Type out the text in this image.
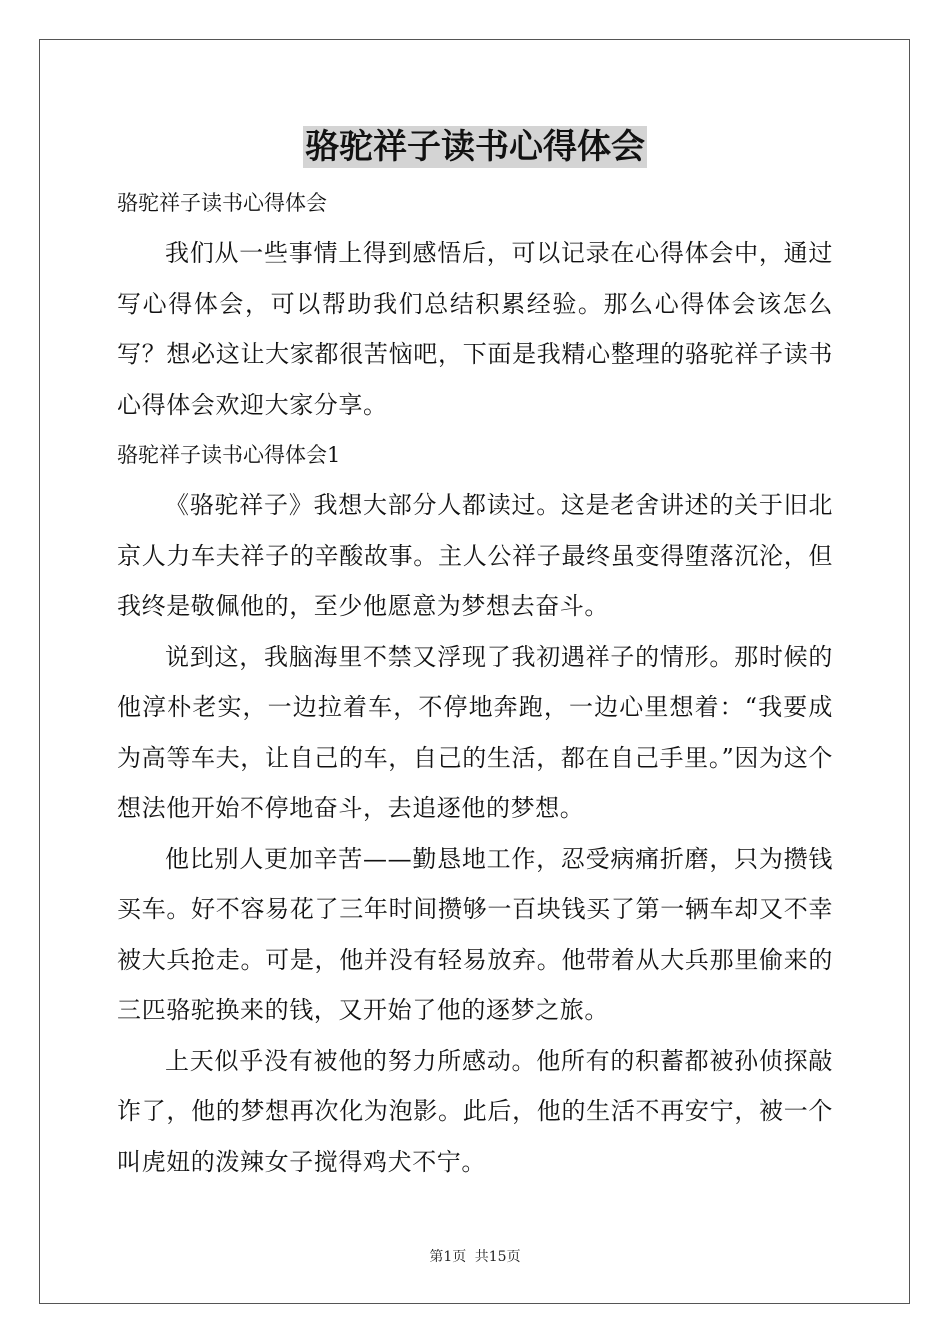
骆驼祥子读书心得体会

骆驼祥子读书心得体会

我们从一些事情上得到感悟后，可以记录在心得体会中，通过写心得体会，可以帮助我们总结积累经验。那么心得体会该怎么写？想必这让大家都很苦恼吧，下面是我精心整理的骆驼祥子读书心得体会欢迎大家分享。

骆驼祥子读书心得体会1

《骆驼祥子》我想大部分人都读过。这是老舍讲述的关于旧北京人力车夫祥子的辛酸故事。主人公祥子最终虽变得堕落沉沦，但我终是敬佩他的，至少他愿意为梦想去奋斗。

说到这，我脑海里不禁又浮现了我初遇祥子的情形。那时候的他淳朴老实，一边拉着车，不停地奔跑，一边心里想着：“我要成为高等车夫，让自己的车，自己的生活，都在自己手里。”因为这个想法他开始不停地奋斗，去追逐他的梦想。

他比别人更加辛苦——勤恳地工作，忍受病痛折磨，只为攒钱买车。好不容易花了三年时间攒够一百块钱买了第一辆车却又不幸被大兵抢走。可是，他并没有轻易放弃。他带着从大兵那里偷来的三匹骆驼换来的钱，又开始了他的逐梦之旅。

上天似乎没有被他的努力所感动。他所有的积蓄都被孙侦探敲诈了，他的梦想再次化为泡影。此后，他的生活不再安宁，被一个叫虎妞的泼辣女子搅得鸡犬不宁。

第1页 共15页
